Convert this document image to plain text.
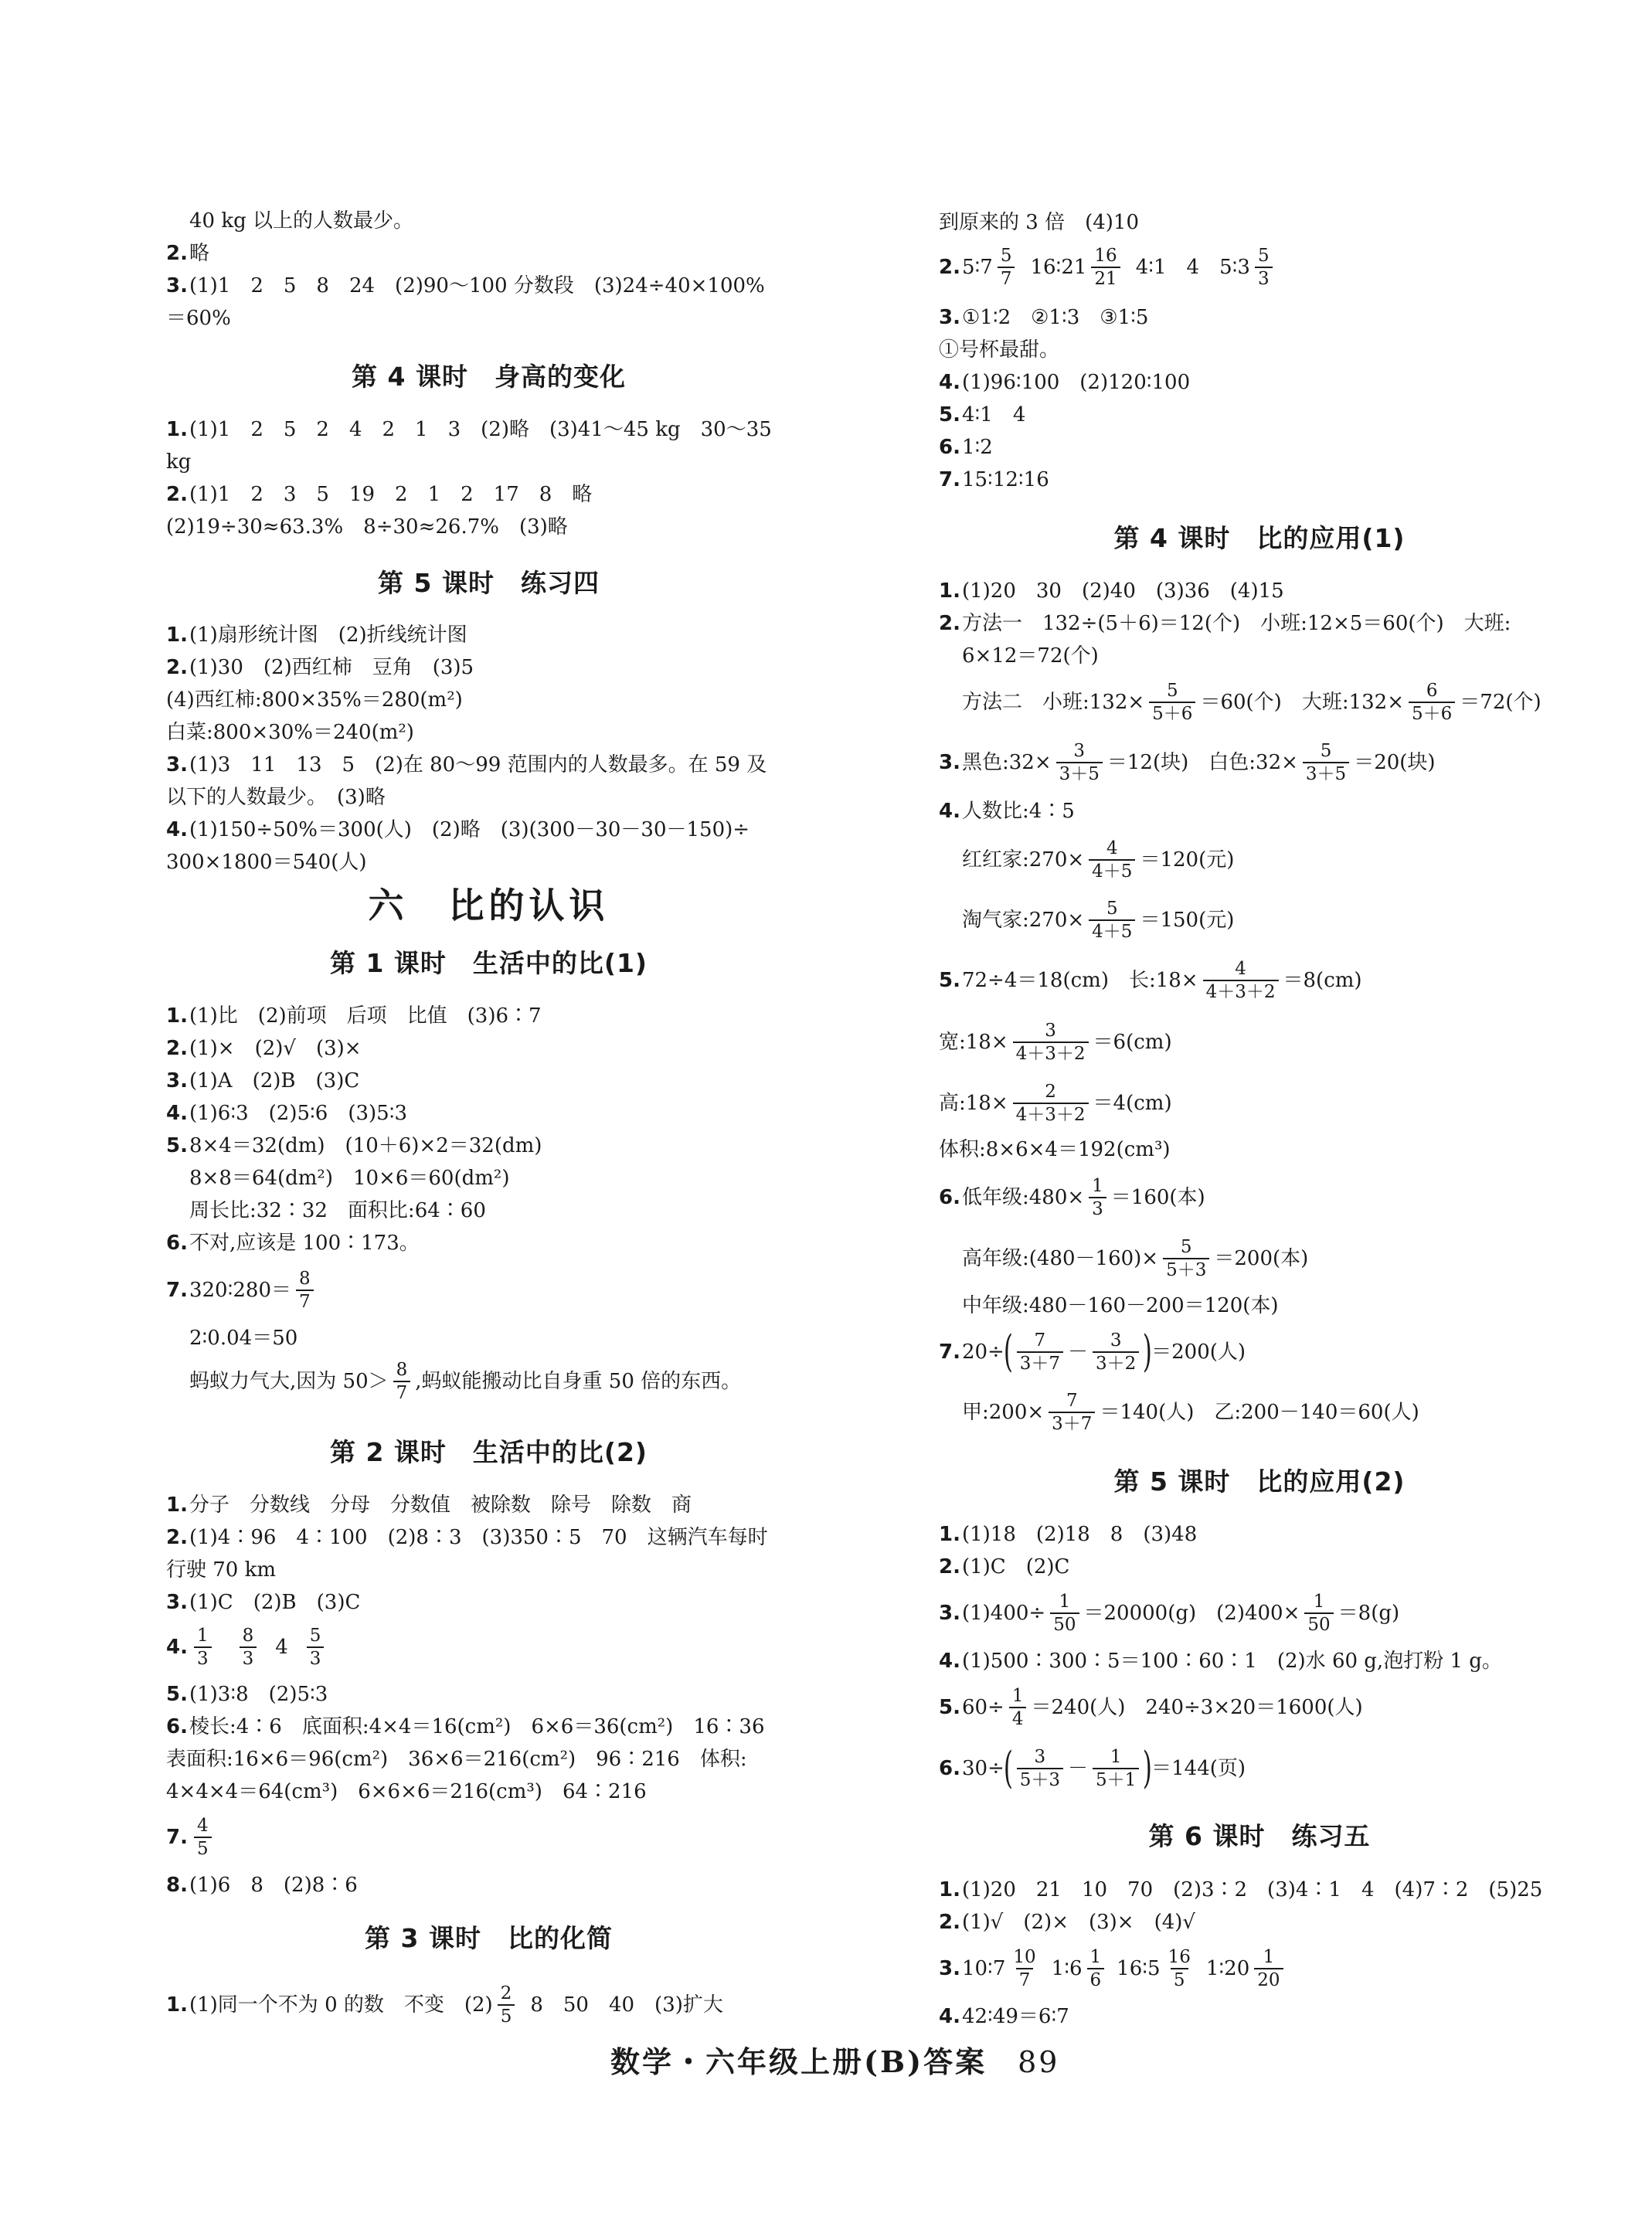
40 kg 以上的人数最少。
2. 略
3. (1)1　2　5　8　24　(2)90～100 分数段　(3)24÷40×100%
＝60%
第 4 课时　身高的变化
1. (1)1　2　5　2　4　2　1　3　(2)略　(3)41～45 kg　30～35
kg
2. (1)1　2　3　5　19　2　1　2　17　8　略
(2)19÷30≈63.3%　8÷30≈26.7%　(3)略
第 5 课时　练习四
1. (1)扇形统计图　(2)折线统计图
2. (1)30　(2)西红柿　豆角　(3)5
(4)西红柿:800×35%＝280(m²)
白菜:800×30%＝240(m²)
3. (1)3　11　13　5　(2)在 80～99 范围内的人数最多。在 59 及
以下的人数最少。　(3)略
4. (1)150÷50%＝300(人)　(2)略　(3)(300－30－30－150)÷
300×1800＝540(人)
六　比的认识
第 1 课时　生活中的比(1)
1. (1)比　(2)前项　后项　比值　(3)6∶7
2. (1)×　(2)√　(3)×
3. (1)A　(2)B　(3)C
4. (1)6∶3　(2)5∶6　(3)5∶3
5. 8×4＝32(dm)　(10＋6)×2＝32(dm)
8×8＝64(dm²)　10×6＝60(dm²)
周长比:32∶32　面积比:64∶60
6. 不对,应该是 100∶173。
7. 320∶280＝ $\frac{8}{7}$
2∶0.04＝50
蚂蚁力气大,因为 $50> \frac{8}{7}$ ,蚂蚁能搬动比自身重 50 倍的东西。
第 2 课时　生活中的比(2)
1. 分子　分数线　分母　分数值　被除数　除号　除数　商
2. (1)4∶96　4∶100　(2)8∶3　(3)350∶5　70　这辆汽车每时
行驶 70 km
3. (1)C　(2)B　(3)C
4. $\frac{1}{3} \frac{8}{3} 4 \frac{5}{3}$
5. (1)3∶8　(2)5∶3
6. 棱长:4∶6　底面积:4×4＝16(cm²)　6×6＝36(cm²)　16∶36
表面积:16×6＝96(cm²)　36×6＝216(cm²)　96∶216　体积:
4×4×4＝64(cm³)　6×6×6＝216(cm³)　64∶216
7. $\frac{4}{5}$
8. (1)6　8　(2)8∶6
第 3 课时　比的化简
1. (1)同一个不为 0 的数　不变　$(2) \frac{2}{5} 8$　50　40　(3)扩大
到原来的 3 倍　(4)10
2. 5∶7 $\frac{5}{7}$ 16∶21 $\frac{16}{21}$ 4∶1　4　5∶3 $\frac{5}{3}$
3. ①1∶2　②1∶3　③1∶5
①号杯最甜。
4. (1)96∶100　(2)120∶100
5. 4∶1　4
6. 1∶2
7. 15∶12∶16
第 4 课时　比的应用(1)
1. (1)20　30　(2)40　(3)36　(4)15
2. 方法一　132÷(5＋6)＝12(个)　小班:12×5＝60(个)　大班:
6×12＝72(个)
方法二　小班:132× $\frac{5}{5+6} =60$(个)　大班:132× $\frac{6}{5+6} =72$(个)
3. 黑色:32× $\frac{3}{3+5} =12$(块)　白色:32× $\frac{5}{3+5} =20$(块)
4. 人数比:4∶5
红红家:270× $\frac{4}{4+5} =120$(元)
淘气家:270× $\frac{5}{4+5} =150$(元)
5. 72÷4＝18(cm)　长:18× $\frac{4}{4+3+2} =8(cm)$
宽:18× $\frac{3}{4+3+2} =6(cm)$
高:18× $\frac{2}{4+3+2} =4(cm)$
体积:8×6×4＝192(cm³)
6. 低年级:480× $\frac{1}{3} =160$(本)
高年级:(480－160)× $\frac{5}{5+3} =200$(本)
中年级:480－160－200＝120(本)
7. 20÷
( $\frac{7}{3+7} - \frac{3}{3+2}$ )
＝200(人)
甲:200× $\frac{7}{3+7} =140$(人)　乙:200－140＝60(人)
第 5 课时　比的应用(2)
1. (1)18　(2)18　8　(3)48
2. (1)C　(2)C
3. $(1)400\div \frac{1}{50} =20000(g)$　$(2)400\times \frac{1}{50} =8(g)$
4. (1)500∶300∶5＝100∶60∶1　(2)水 60 g,泡打粉 1 g。
5. $60\div \frac{1}{4} =240$(人)　240÷3×20＝1600(人)
6. 30÷
( $\frac{3}{5+3} - \frac{1}{5+1}$ )
＝144(页)
第 6 课时　练习五
1. (1)20　21　10　70　(2)3∶2　(3)4∶1　4　(4)7∶2　(5)25
2. (1)√　(2)×　(3)×　(4)√
3. 10∶7 $\frac{10}{7}$ 1∶6 $\frac{1}{6}$ 16∶5 $\frac{16}{5}$ 1∶20 $\frac{1}{20}$
4. 42∶49＝6∶7
数学・六年级上册(B)答案 89
